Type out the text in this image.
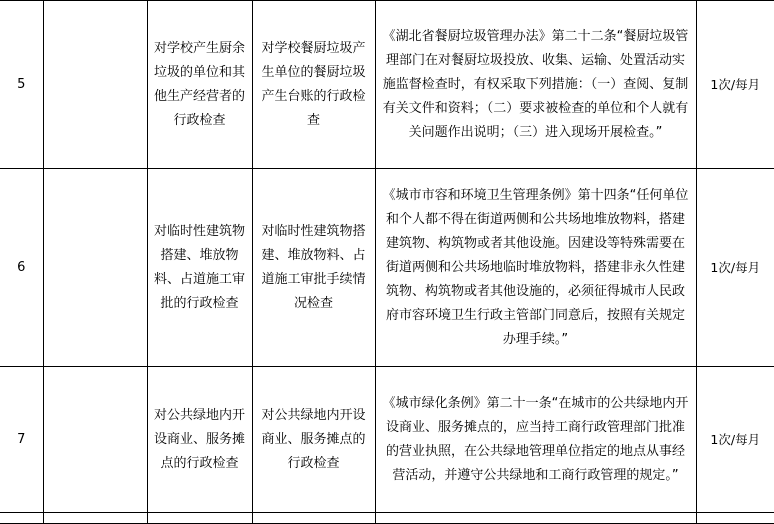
5		对学校产生厨余垃圾的单位和其他生产经营者的行政检查	对学校餐厨垃圾产生单位的餐厨垃圾产生台账的行政检查	《湖北省餐厨垃圾管理办法》第二十二条“餐厨垃圾管理部门在对餐厨垃圾投放、收集、运输、处置活动实施监督检查时，有权采取下列措施：（一）查阅、复制有关文件和资料；（二）要求被检查的单位和个人就有关问题作出说明；（三）进入现场开展检查。”	1次/每月
6		对临时性建筑物搭建、堆放物料、占道施工审批的行政检查	对临时性建筑物搭建、堆放物料、占道施工审批手续情况检查	《城市市容和环境卫生管理条例》第十四条“任何单位和个人都不得在街道两侧和公共场地堆放物料，搭建建筑物、构筑物或者其他设施。因建设等特殊需要在街道两侧和公共场地临时堆放物料，搭建非永久性建筑物、构筑物或者其他设施的，必须征得城市人民政府市容环境卫生行政主管部门同意后，按照有关规定办理手续。”	1次/每月
7		对公共绿地内开设商业、服务摊点的行政检查	对公共绿地内开设商业、服务摊点的行政检查	《城市绿化条例》第二十一条“在城市的公共绿地内开设商业、服务摊点的，应当持工商行政管理部门批准的营业执照，在公共绿地管理单位指定的地点从事经营活动，并遵守公共绿地和工商行政管理的规定。”	1次/每月
